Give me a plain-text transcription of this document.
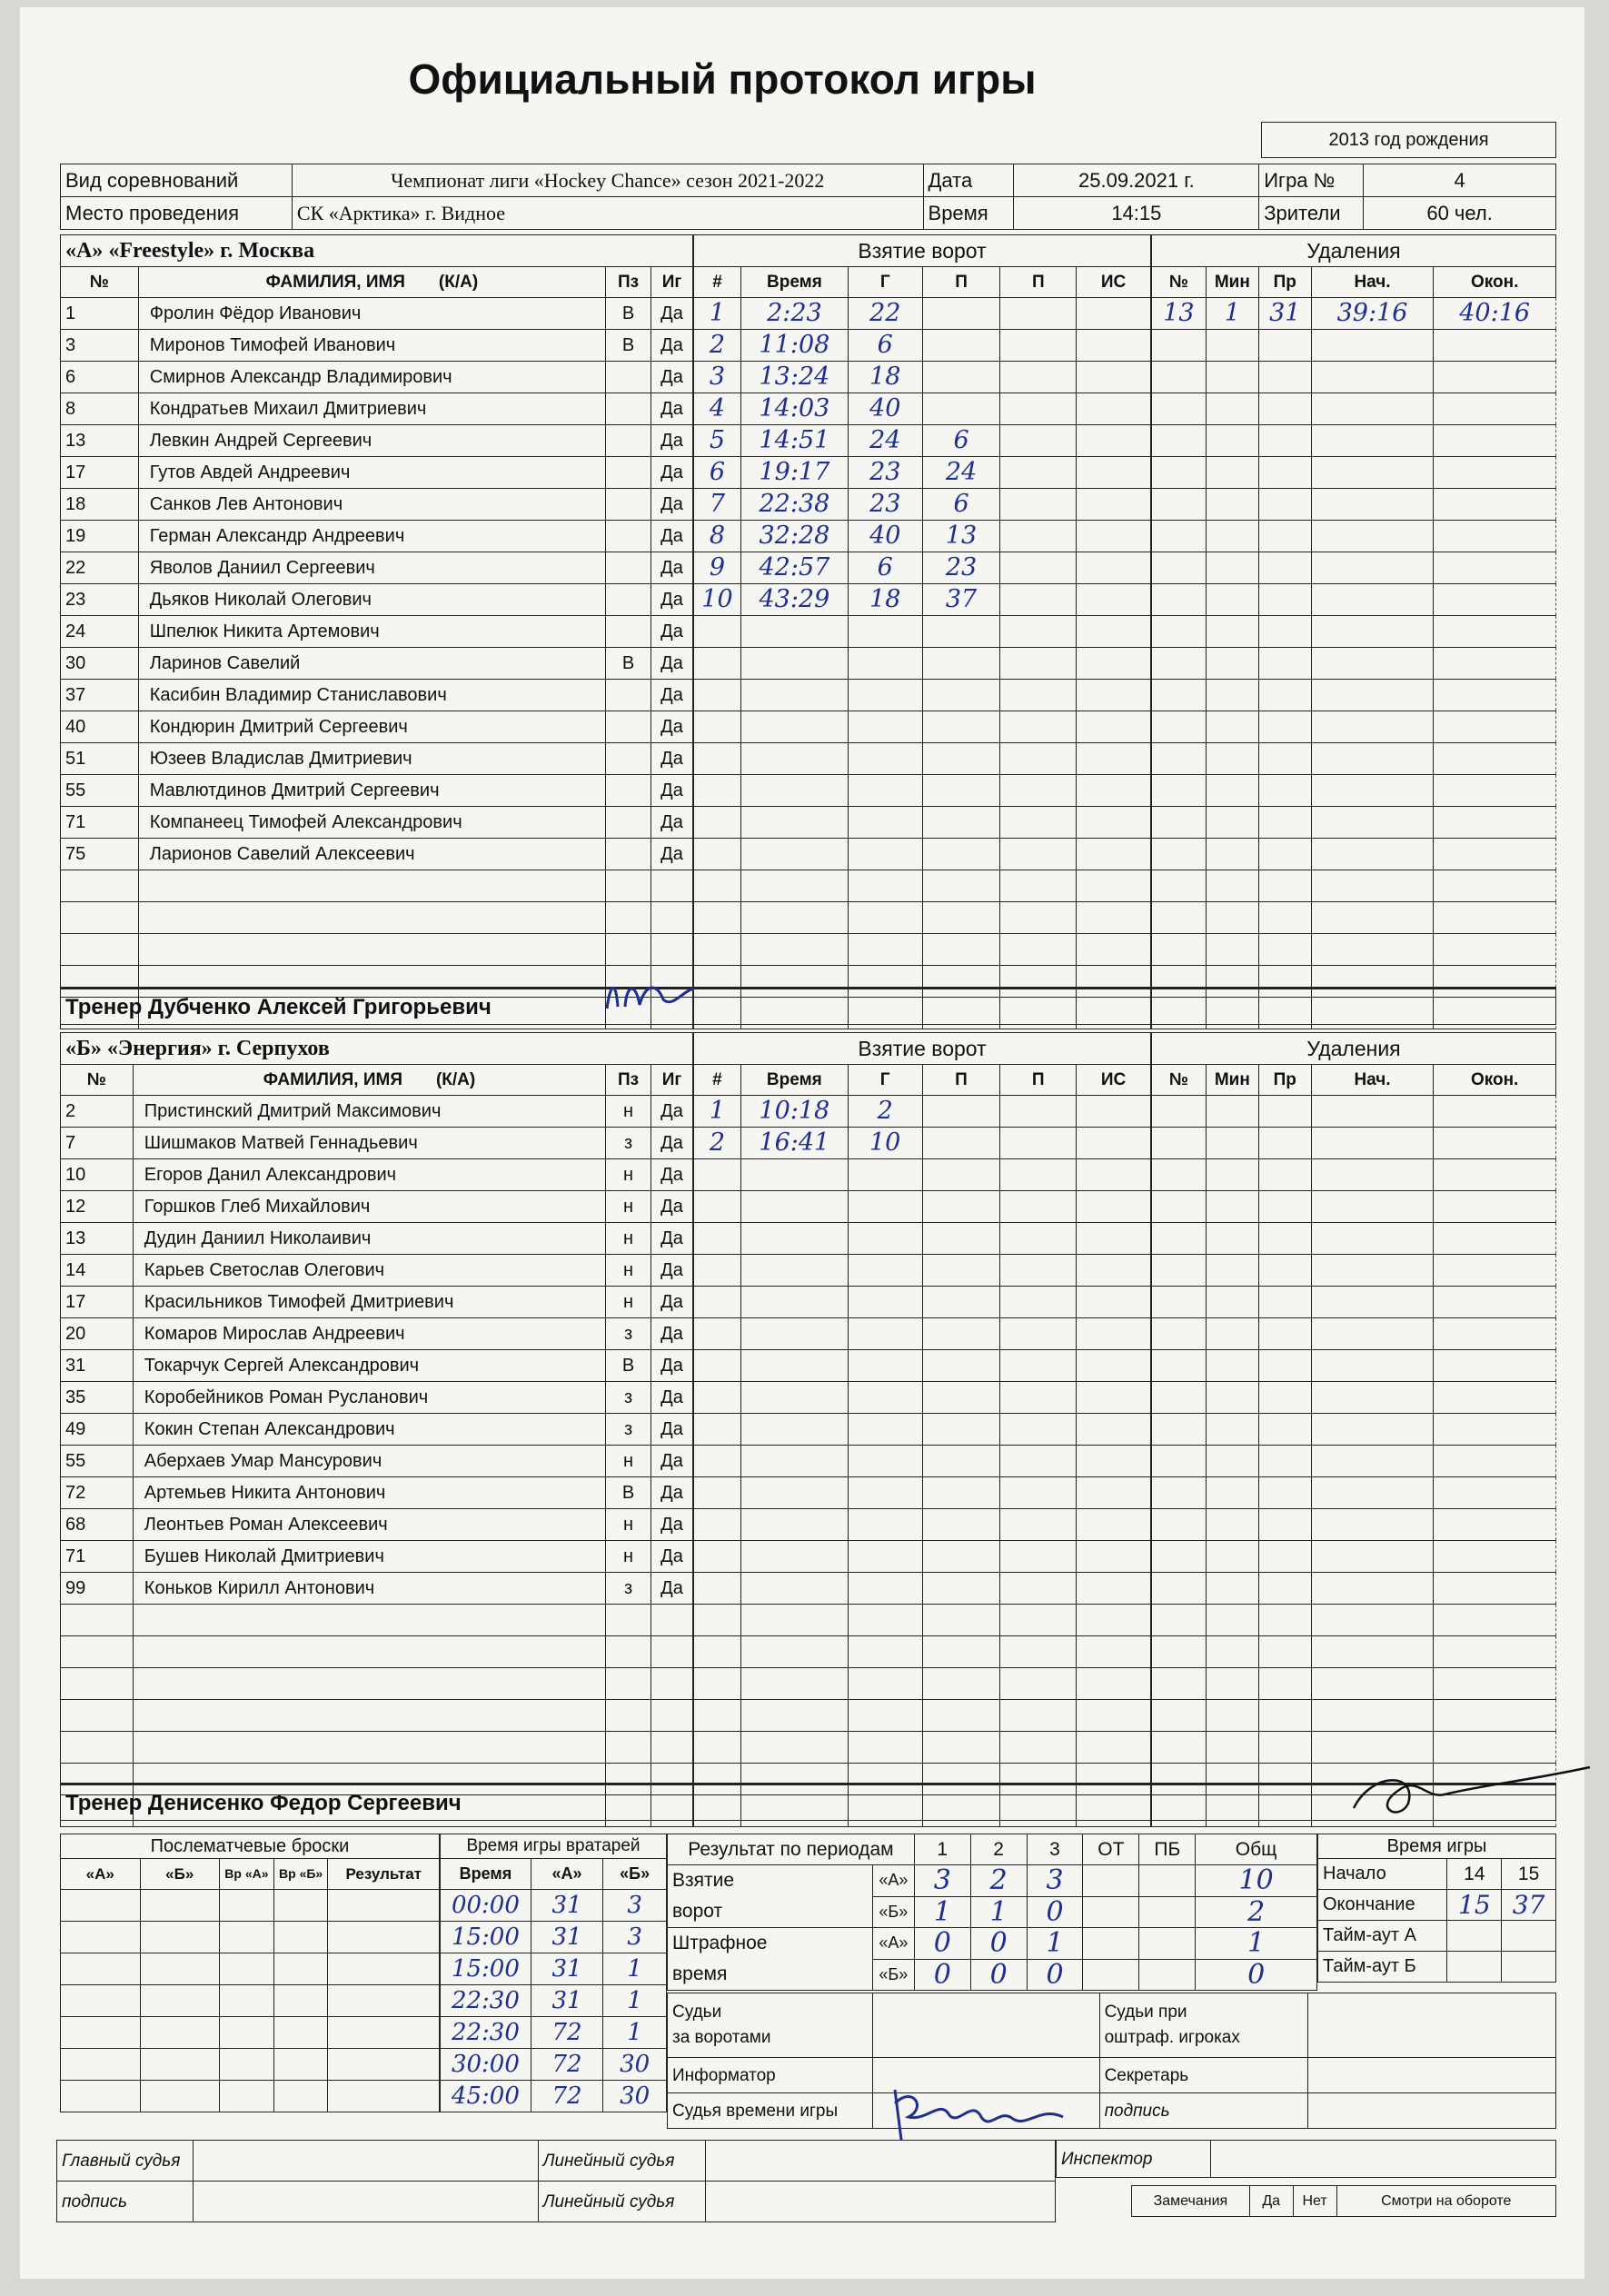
Официальный протокол игры
2013 год рождения
Вид соревнований	Чемпионат лиги «Hockey Chance» сезон 2021-2022	Дата	25.09.2021 г.	Игра №	4
Место проведения	СК «Арктика» г. Видное	Время	14:15	Зрители	60 чел.
«А» «Freestyle» г. Москва			
№	ФАМИЛИЯ, ИМЯ (К/А)	Пз	Иг
1	Фролин Фёдор Иванович	В	Да
3	Миронов Тимофей Иванович	В	Да
6	Смирнов Александр Владимирович		Да
8	Кондратьев Михаил Дмитриевич		Да
13	Левкин Андрей Сергеевич		Да
17	Гутов Авдей Андреевич		Да
18	Санков Лев Антонович		Да
19	Герман Александр Андреевич		Да
22	Яволов Даниил Сергеевич		Да
23	Дьяков Николай Олегович		Да
24	Шпелюк Никита Артемович		Да
30	Ларинов Савелий	В	Да
37	Касибин Владимир Станиславович		Да
40	Кондюрин Дмитрий Сергеевич		Да
51	Юзеев Владислав Дмитриевич		Да
55	Мавлютдинов Дмитрий Сергеевич		Да
71	Компанеец Тимофей Александрович		Да
75	Ларионов Савелий Алексеевич		Да

Взятие ворот					
#	Время	Г	П	П	ИС
1	2:23	22			
2	11:08	6			
3	13:24	18			
4	14:03	40			
5	14:51	24	6		
6	19:17	23	24		
7	22:38	23	6		
8	32:28	40	13		
9	42:57	6	23		
10	43:29	18	37		

Удаления				
№	Мин	Пр	Нач.	Окон.
13	1	31	39:16	40:16

Тренер Дубченко Алексей Григорьевич
«Б» «Энергия» г. Серпухов			
№	ФАМИЛИЯ, ИМЯ (К/А)	Пз	Иг
2	Пристинский Дмитрий Максимович	н	Да
7	Шишмаков Матвей Геннадьевич	з	Да
10	Егоров Данил Александрович	н	Да
12	Горшков Глеб Михайлович	н	Да
13	Дудин Даниил Николаивич	н	Да
14	Карьев Светослав Олегович	н	Да
17	Красильников Тимофей Дмитриевич	н	Да
20	Комаров Мирослав Андреевич	з	Да
31	Токарчук Сергей Александрович	В	Да
35	Коробейников Роман Русланович	з	Да
49	Кокин Степан Александрович	з	Да
55	Аберхаев Умар Мансурович	н	Да
72	Артемьев Никита Антонович	В	Да
68	Леонтьев Роман Алексеевич	н	Да
71	Бушев Николай Дмитриевич	н	Да
99	Коньков Кирилл Антонович	з	Да

Взятие ворот					
#	Время	Г	П	П	ИС
1	10:18	2			
2	16:41	10			

Удаления				
№	Мин	Пр	Нач.	Окон.

Тренер Денисенко Федор Сергеевич
Послематчевые броски				
«А»	«Б»	Вр «А»	Вр «Б»	Результат

Время игры вратарей		
Время	«А»	«Б»
00:00	31	3
15:00	31	3
15:00	31	1
22:30	31	1
22:30	72	1
30:00	72	30
45:00	72	30
Результат по периодам		1	2	3	ОТ	ПБ	Общ
Взятие
ворот	«А»	3	2	3			10
	«Б»	1	1	0			2
Штрафное
время	«А»	0	0	1			1
	«Б»	0	0	0			0
Время игры		
Начало	14	15
Окончание	15	37
Тайм-аут А		
Тайм-аут Б		
Судьи
за воротами		Судьи при
оштраф. игроках	
Информатор		Секретарь	
Судья времени игры		подпись	
Главный судья		Линейный судья	
подпись		Линейный судья	
Инспектор	
Замечания	Да	Нет	Смотри на обороте
